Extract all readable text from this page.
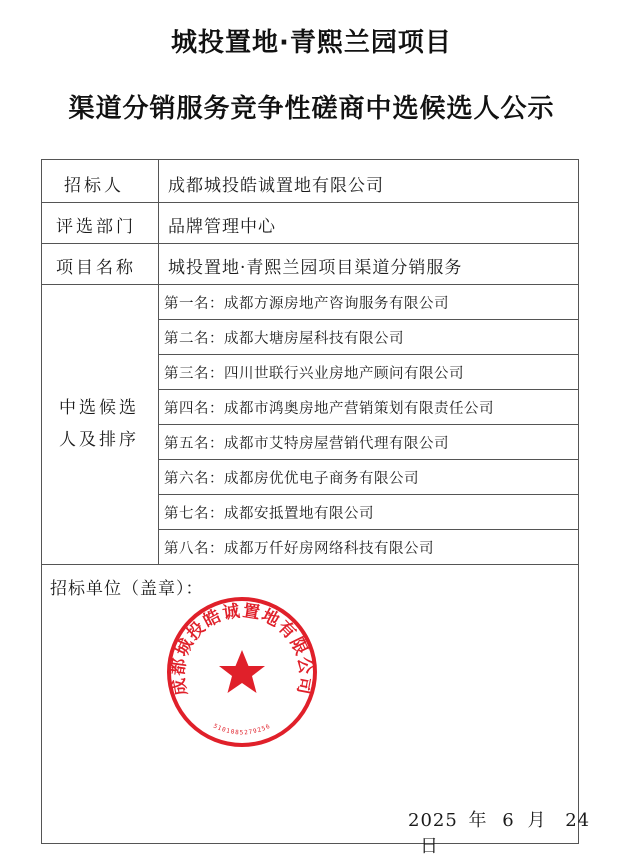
城投置地·青熙兰园项目
渠道分销服务竞争性磋商中选候选人公示
招标人	成都城投皓诚置地有限公司
评选部门 品牌管理中心
项目名称 城投置地·青熙兰园项目渠道分销服务
中选候选
人及排序
第一名：成都方源房地产咨询服务有限公司
第二名：成都大塘房屋科技有限公司
第三名：四川世联行兴业房地产顾问有限公司
第四名：成都市鸿奥房地产营销策划有限责任公司
第五名：成都市艾特房屋营销代理有限公司
第六名：成都房优优电子商务有限公司
第七名：成都安抵置地有限公司
第八名：成都万仟好房网络科技有限公司
招标单位（盖章）：
成都城投皓诚置地有限公司
5101085279256
2025 年 6 月 24 日
